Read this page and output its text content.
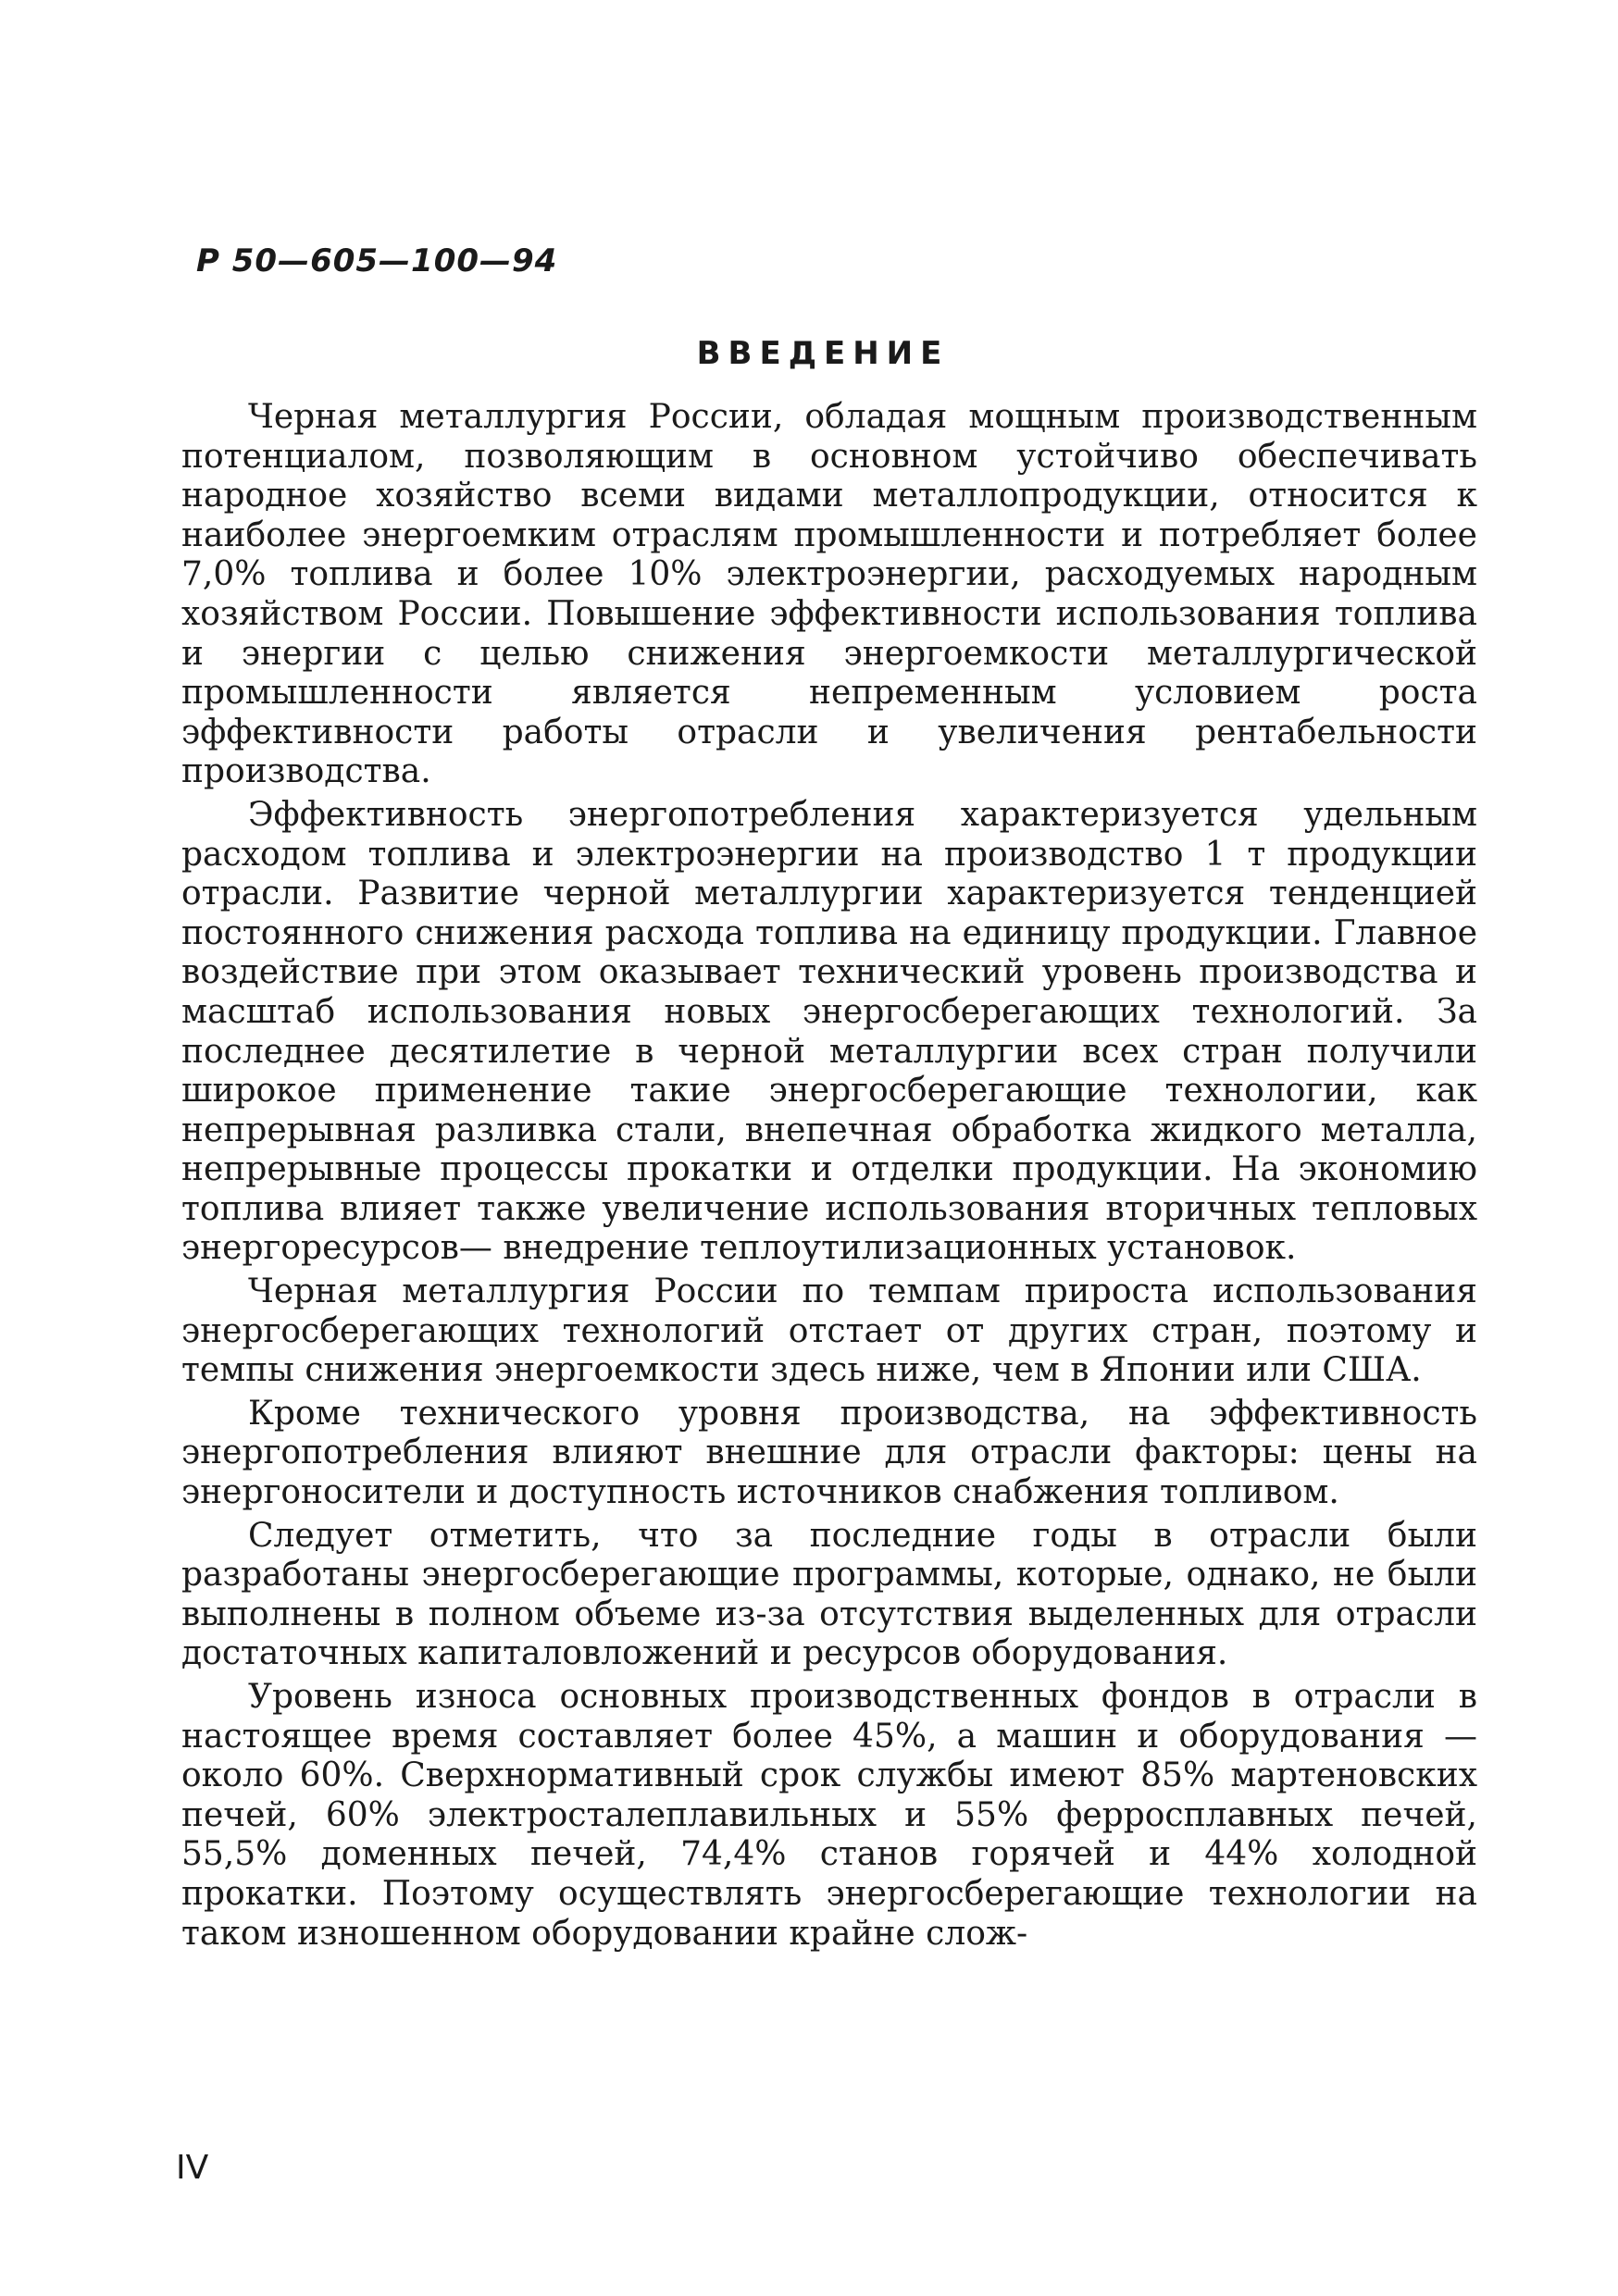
Р 50—605—100—94
ВВЕДЕНИЕ

Черная металлургия России, обладая мощным производственным потенциалом, позволяющим в основном устойчиво обеспечивать народное хозяйство всеми видами металлопродукции, относится к наиболее энергоемким отраслям промышленности и потребляет более 7,0% топлива и более 10% электроэнергии, расходуемых народным хозяйством России. Повышение эффективности использования топлива и энергии с целью снижения энергоемкости металлургической промышленности является непременным условием роста эффективности работы отрасли и увеличения рентабельности производства.

Эффективность энергопотребления характеризуется удельным расходом топлива и электроэнергии на производство 1 т продукции отрасли. Развитие черной металлургии характеризуется тенденцией постоянного снижения расхода топлива на единицу продукции. Главное воздействие при этом оказывает технический уровень производства и масштаб использования новых энергосберегающих технологий. За последнее десятилетие в черной металлургии всех стран получили широкое применение такие энергосберегающие технологии, как непрерывная разливка стали, внепечная обработка жидкого металла, непрерывные процессы прокатки и отделки продукции. На экономию топлива влияет также увеличение использования вторичных тепловых энергоресурсов— внедрение теплоутилизационных установок.

Черная металлургия России по темпам прироста использования энергосберегающих технологий отстает от других стран, поэтому и темпы снижения энергоемкости здесь ниже, чем в Японии или США.

Кроме технического уровня производства, на эффективность энергопотребления влияют внешние для отрасли факторы: цены на энергоносители и доступность источников снабжения топливом.

Следует отметить, что за последние годы в отрасли были разработаны энергосберегающие программы, которые, однако, не были выполнены в полном объеме из-за отсутствия выделенных для отрасли достаточных капиталовложений и ресурсов оборудования.

Уровень износа основных производственных фондов в отрасли в настоящее время составляет более 45%, а машин и оборудования —около 60%. Сверхнормативный срок службы имеют 85% мартеновских печей, 60% электросталеплавильных и 55% ферросплавных печей, 55,5% доменных печей, 74,4% станов горячей и 44% холодной прокатки. Поэтому осуществлять энергосберегающие технологии на таком изношенном оборудовании крайне слож-

IV
